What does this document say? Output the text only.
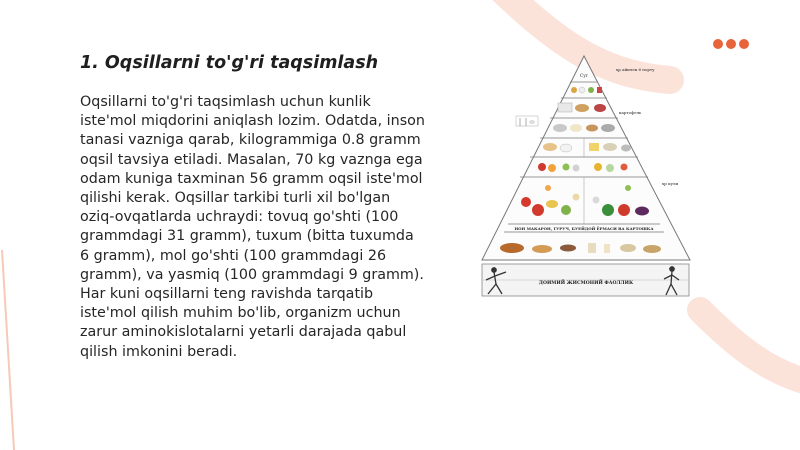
1. Oqsillarni to'g'ri taqsimlash
Oqsillarni to'g'ri taqsimlash uchun kunlik iste'mol miqdorini aniqlash lozim. Odatda, inson tanasi vazniga qarab, kilogrammiga 0.8 gramm oqsil tavsiya etiladi. Masalan, 70 kg vaznga ega odam kuniga taxminan 56 gramm oqsil iste'mol qilishi kerak. Oqsillar tarkibi turli xil bo'lgan oziq-ovqatlarda uchraydi: tovuq go'shti (100 grammdagi 31 gramm), tuxum (bitta tuxumda 6 gramm), mol go'shti (100 grammdagi 26 gramm), va yasmiq (100 grammdagi 9 gramm). Har kuni oqsillarni teng ravishda tarqatib iste'mol qilish muhim bo'lib, organizm uchun zarur aminokislotalarni yetarli darajada qabul qilish imkonini beradi.
ДОИМИЙ ЖИСМОНИЙ ФАОЛЛИК
Сут
НОН МАКАРОН, ГУРУЧ, БУЕЙДОЙ ЁРМАСИ ВА КАРТОШКА
ҳр айилек 6 порту
картофель
ҳр кули
